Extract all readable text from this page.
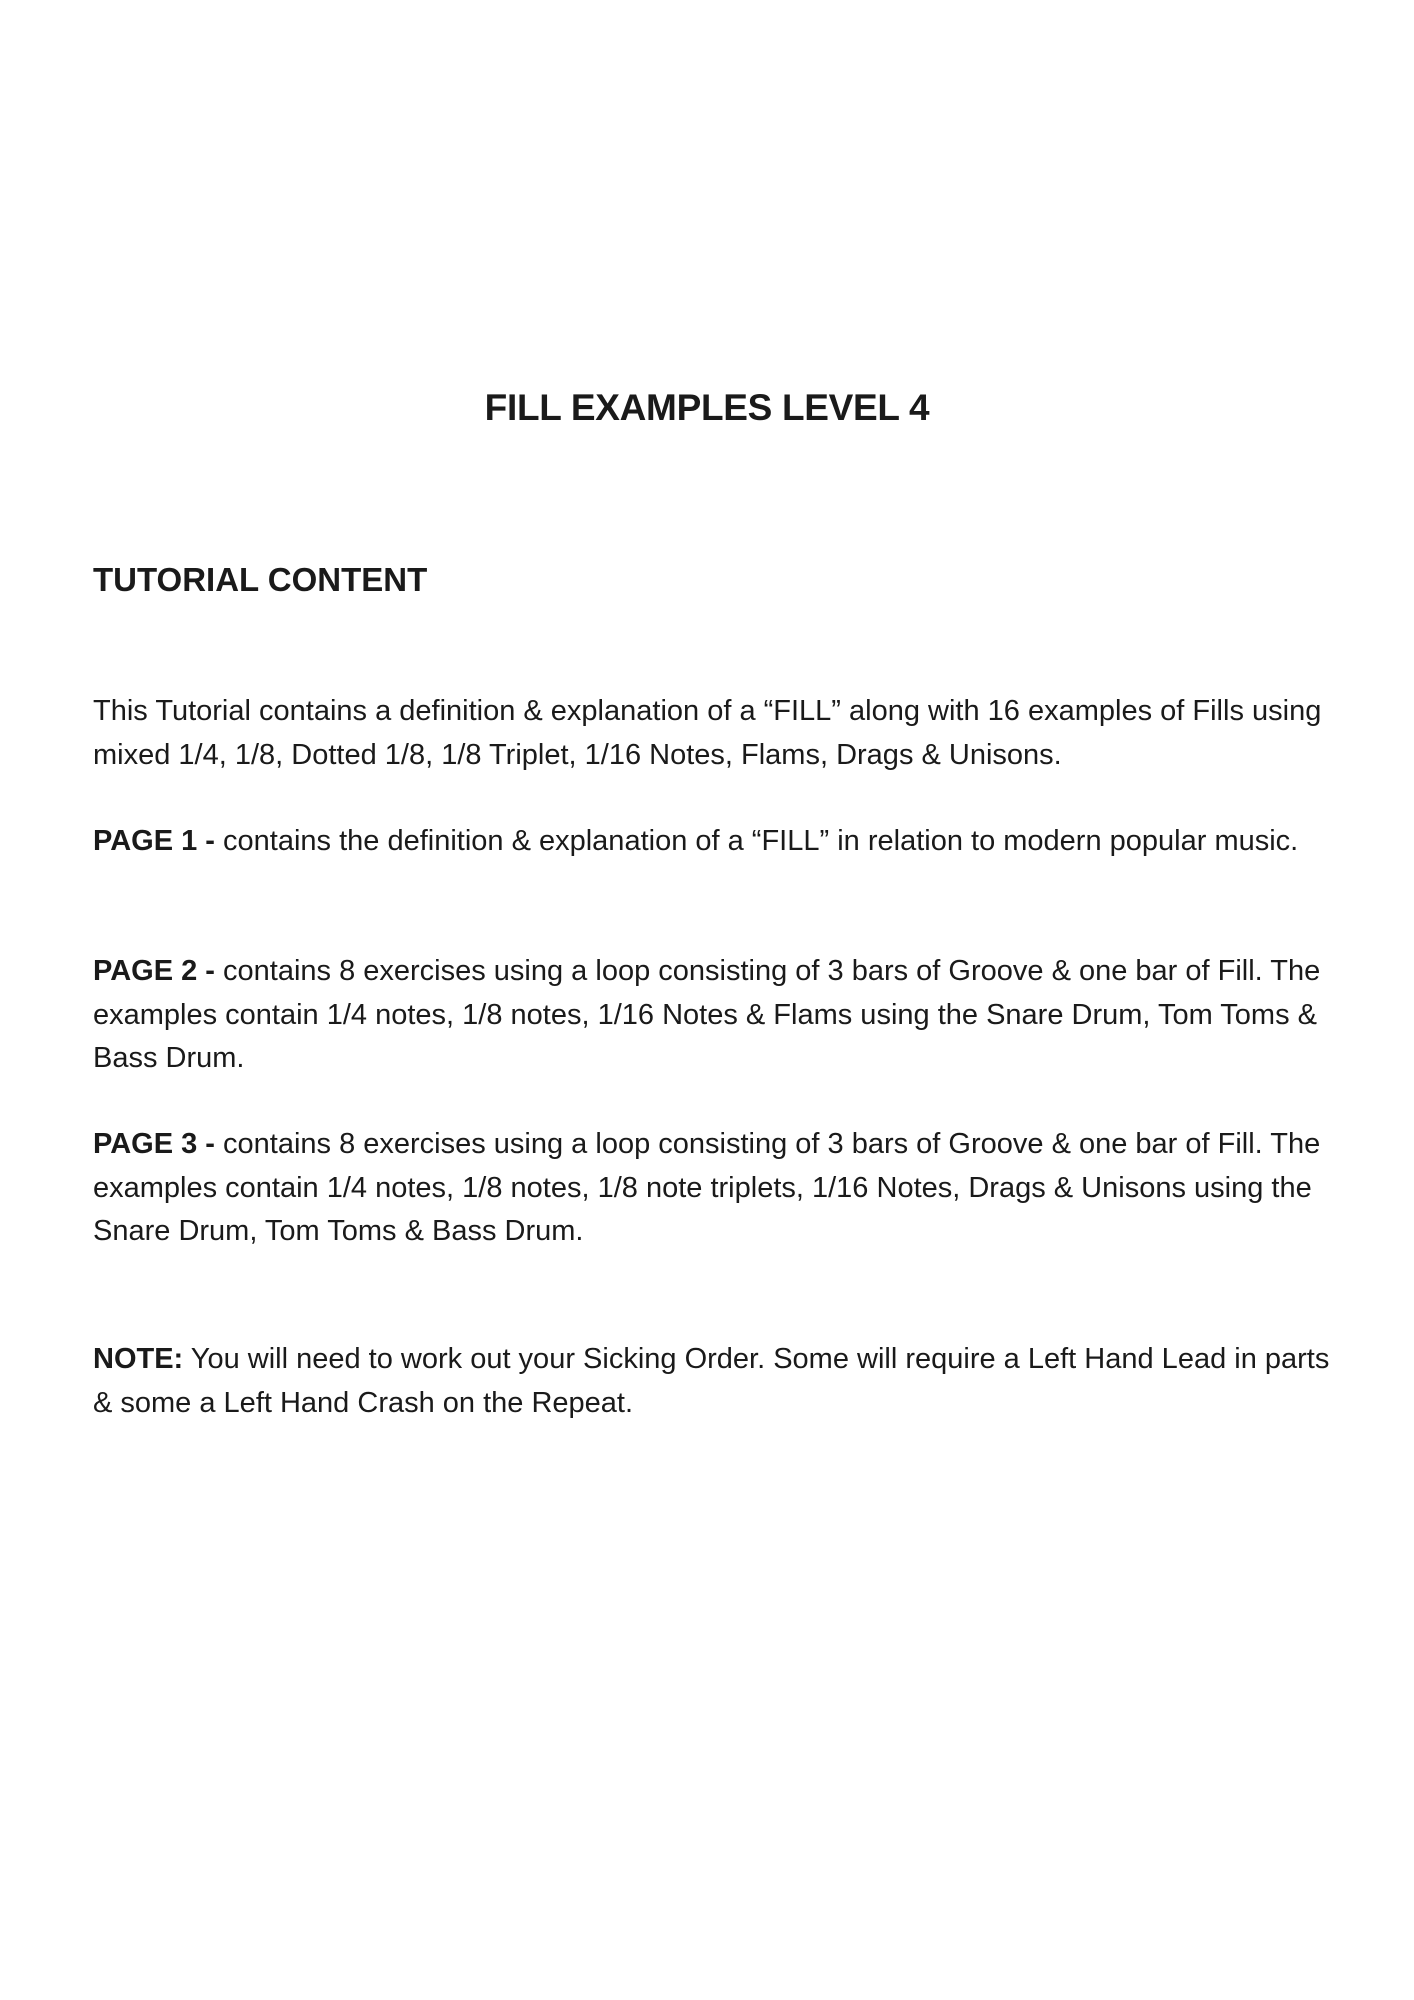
FILL EXAMPLES LEVEL 4
TUTORIAL CONTENT

This Tutorial contains a definition & explanation of a “FILL” along with 16 examples of Fills using mixed 1/4, 1/8, Dotted 1/8, 1/8 Triplet, 1/16 Notes, Flams, Drags & Unisons.

PAGE 1 - contains the definition & explanation of a “FILL” in relation to modern popular music.

PAGE 2 - contains 8 exercises using a loop consisting of 3 bars of Groove & one bar of Fill. The examples contain 1/4 notes, 1/8 notes, 1/16 Notes & Flams using the Snare Drum, Tom Toms & Bass Drum.

PAGE 3 - contains 8 exercises using a loop consisting of 3 bars of Groove & one bar of Fill. The examples contain 1/4 notes, 1/8 notes, 1/8 note triplets, 1/16 Notes, Drags & Unisons using the Snare Drum, Tom Toms & Bass Drum.

NOTE: You will need to work out your Sicking Order. Some will require a Left Hand Lead in parts & some a Left Hand Crash on the Repeat.
